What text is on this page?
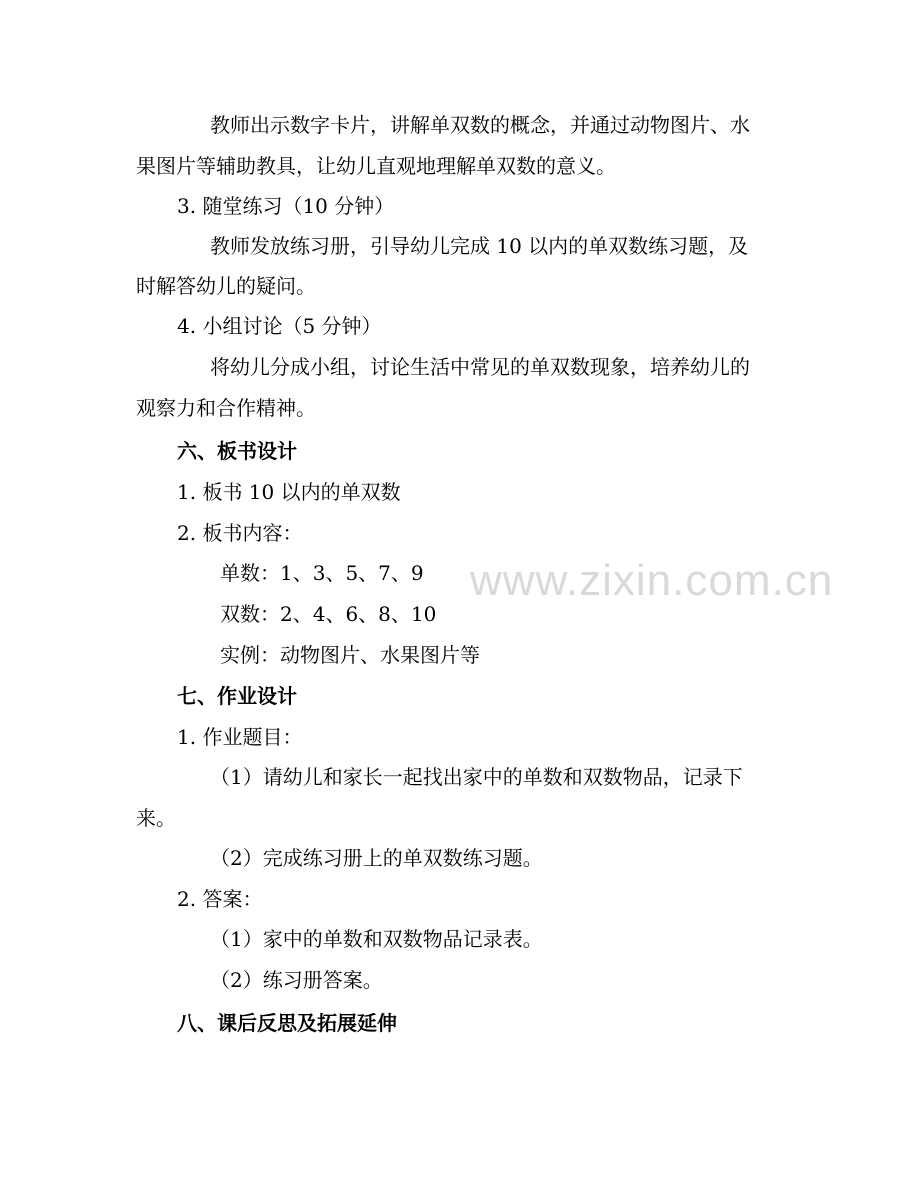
教师出示数字卡片，讲解单双数的概念，并通过动物图片、水
果图片等辅助教具，让幼儿直观地理解单双数的意义。
3. 随堂练习（10 分钟）
教师发放练习册，引导幼儿完成 10 以内的单双数练习题，及
时解答幼儿的疑问。
4. 小组讨论（5 分钟）
将幼儿分成小组，讨论生活中常见的单双数现象，培养幼儿的
观察力和合作精神。
六、板书设计
1. 板书 10 以内的单双数
2. 板书内容：
单数：1、3、5、7、9
双数：2、4、6、8、10
实例：动物图片、水果图片等
七、作业设计
1. 作业题目：
（1）请幼儿和家长一起找出家中的单数和双数物品，记录下
来。
（2）完成练习册上的单双数练习题。
2. 答案：
（1）家中的单数和双数物品记录表。
（2）练习册答案。
八、课后反思及拓展延伸
www.zixin.com.cn
